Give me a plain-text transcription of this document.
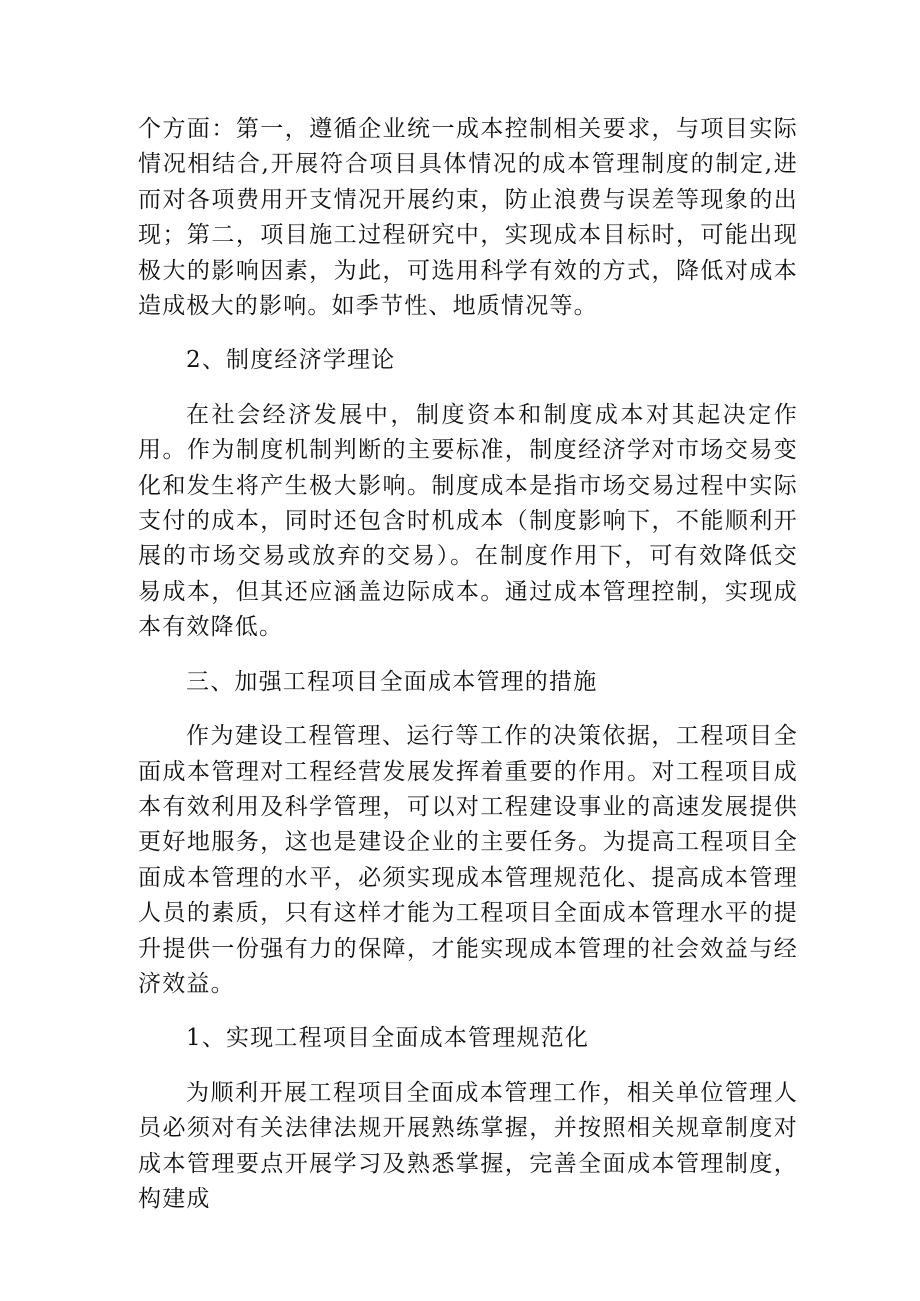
个方面：第一，遵循企业统一成本控制相关要求，与项目实际情况相结合,开展符合项目具体情况的成本管理制度的制定,进而对各项费用开支情况开展约束，防止浪费与误差等现象的出现；第二，项目施工过程研究中，实现成本目标时，可能出现极大的影响因素，为此，可选用科学有效的方式，降低对成本造成极大的影响。如季节性、地质情况等。

2、制度经济学理论

在社会经济发展中，制度资本和制度成本对其起决定作用。作为制度机制判断的主要标准，制度经济学对市场交易变化和发生将产生极大影响。制度成本是指市场交易过程中实际支付的成本，同时还包含时机成本（制度影响下，不能顺利开展的市场交易或放弃的交易）。在制度作用下，可有效降低交易成本，但其还应涵盖边际成本。通过成本管理控制，实现成本有效降低。

三、加强工程项目全面成本管理的措施

作为建设工程管理、运行等工作的决策依据，工程项目全面成本管理对工程经营发展发挥着重要的作用。对工程项目成本有效利用及科学管理，可以对工程建设事业的高速发展提供更好地服务，这也是建设企业的主要任务。为提高工程项目全面成本管理的水平，必须实现成本管理规范化、提高成本管理人员的素质，只有这样才能为工程项目全面成本管理水平的提升提供一份强有力的保障，才能实现成本管理的社会效益与经济效益。

1、实现工程项目全面成本管理规范化

为顺利开展工程项目全面成本管理工作，相关单位管理人员必须对有关法律法规开展熟练掌握，并按照相关规章制度对成本管理要点开展学习及熟悉掌握，完善全面成本管理制度，构建成
